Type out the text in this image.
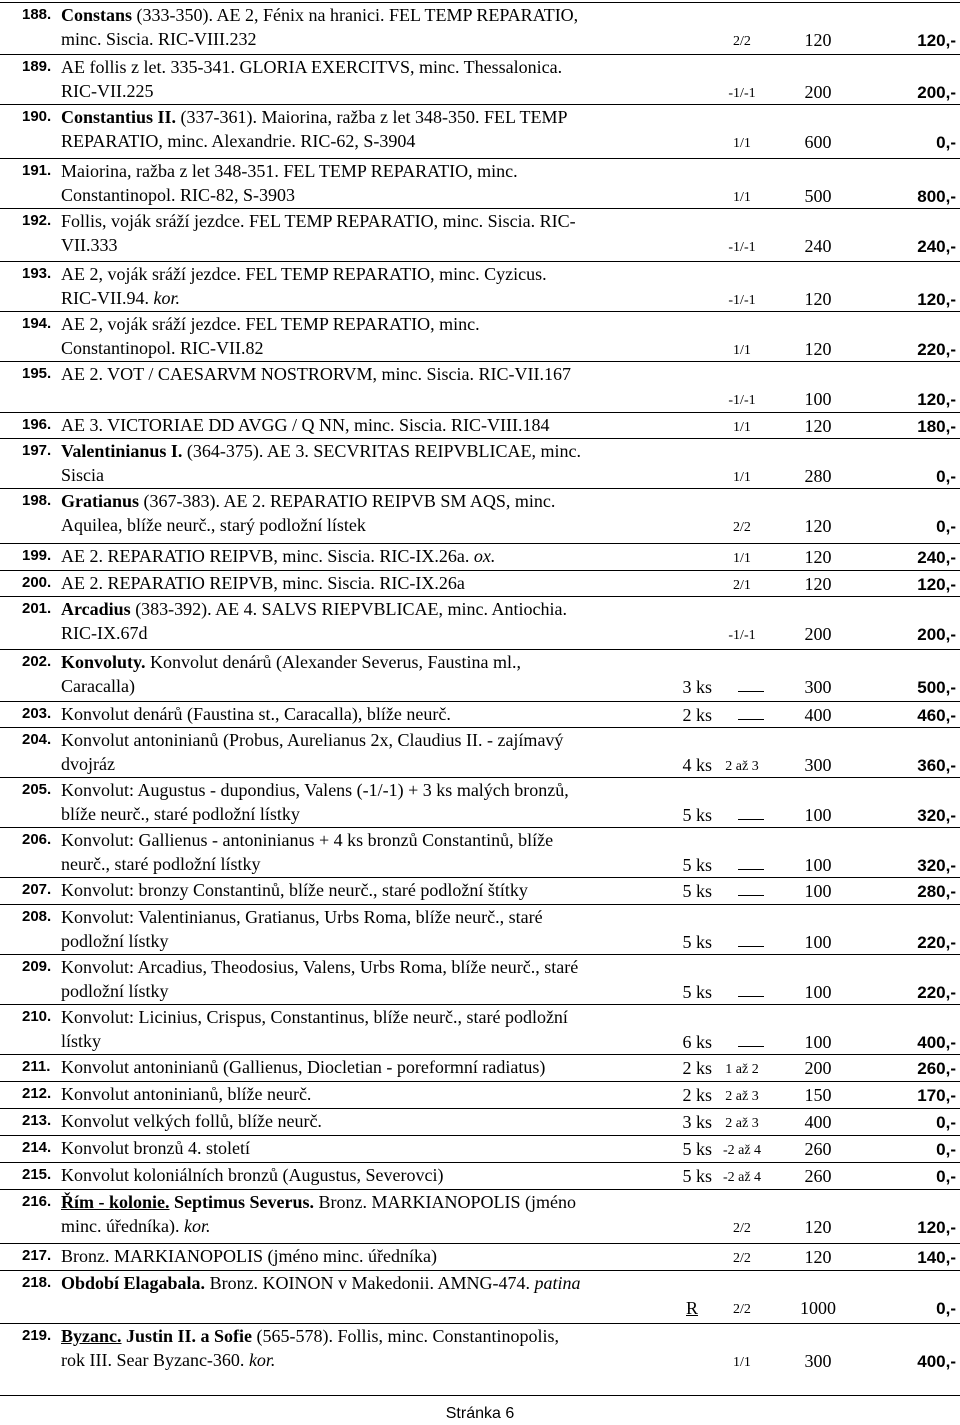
188. Constans (333-350). AE 2, Fénix na hranici. FEL TEMP REPARATIO,
minc. Siscia. RIC-VIII.232	2/2	120	120,-
189. AE follis z let. 335-341. GLORIA EXERCITVS, minc. Thessalonica.
RIC-VII.225	-1/-1	200	200,-
190. Constantius II. (337-361). Maiorina, ražba z let 348-350. FEL TEMP
REPARATIO, minc. Alexandrie. RIC-62, S-3904	1/1	600	0,-
191. Maiorina, ražba z let 348-351. FEL TEMP REPARATIO, minc.
Constantinopol. RIC-82, S-3903	1/1	500	800,-
192. Follis, voják sráží jezdce. FEL TEMP REPARATIO, minc. Siscia. RIC-
VII.333	-1/-1	240	240,-
193. AE 2, voják sráží jezdce. FEL TEMP REPARATIO, minc. Cyzicus.
RIC-VII.94. kor.	-1/-1	120	120,-
194. AE 2, voják sráží jezdce. FEL TEMP REPARATIO, minc.
Constantinopol. RIC-VII.82	1/1	120	220,-
195. AE 2. VOT / CAESARVM NOSTRORVM, minc. Siscia. RIC-VII.167

-1/-1	100	120,-
196. AE 3. VICTORIAE DD AVGG / Q NN, minc. Siscia. RIC-VIII.184	1/1	120	180,-
197. Valentinianus I. (364-375). AE 3. SECVRITAS REIPVBLICAE, minc.
Siscia	1/1	280	0,-
198. Gratianus (367-383). AE 2. REPARATIO REIPVB SM AQS, minc.
Aquilea, blíže neurč., starý podložní lístek	2/2	120	0,-
199. AE 2. REPARATIO REIPVB, minc. Siscia. RIC-IX.26a. ox.	1/1	120	240,-
200. AE 2. REPARATIO REIPVB, minc. Siscia. RIC-IX.26a	2/1	120	120,-
201. Arcadius (383-392). AE 4. SALVS RIEPVBLICAE, minc. Antiochia.
RIC-IX.67d	-1/-1	200	200,-
202. Konvoluty. Konvolut denárů (Alexander Severus, Faustina ml.,
Caracalla)	3 ks	300	500,-
203. Konvolut denárů (Faustina st., Caracalla), blíže neurč.	2 ks	400	460,-
204. Konvolut antoninianů (Probus, Aurelianus 2x, Claudius II. - zajímavý
dvojráz	4 ks 2 až 3	300	360,-
205. Konvolut: Augustus - dupondius, Valens (-1/-1) + 3 ks malých bronzů,
blíže neurč., staré podložní lístky	5 ks	100	320,-
206. Konvolut: Gallienus - antoninianus + 4 ks bronzů Constantinů, blíže
neurč., staré podložní lístky	5 ks	100	320,-
207. Konvolut: bronzy Constantinů, blíže neurč., staré podložní štítky	5 ks	100	280,-
208. Konvolut: Valentinianus, Gratianus, Urbs Roma, blíže neurč., staré
podložní lístky	5 ks	100	220,-
209. Konvolut: Arcadius, Theodosius, Valens, Urbs Roma, blíže neurč., staré
podložní lístky	5 ks	100	220,-
210. Konvolut: Licinius, Crispus, Constantinus, blíže neurč., staré podložní
lístky	6 ks	100	400,-
211. Konvolut antoninianů (Gallienus, Diocletian - poreformní radiatus)	2 ks 1 až 2	200	260,-
212. Konvolut antoninianů, blíže neurč.	2 ks 2 až 3	150	170,-
213. Konvolut velkých follů, blíže neurč.	3 ks 2 až 3	400	0,-
214. Konvolut bronzů 4. století	5 ks -2 až 4	260	0,-
215. Konvolut koloniálních bronzů (Augustus, Severovci)	5 ks -2 až 4	260	0,-
216. Řím - kolonie. Septimus Severus. Bronz. MARKIANOPOLIS (jméno
minc. úředníka). kor.	2/2	120	120,-
217. Bronz. MARKIANOPOLIS (jméno minc. úředníka)	2/2	120	140,-
218. Období Elagabala. Bronz. KOINON v Makedonii. AMNG-474. patina

R	2/2	1000	0,-
219. Byzanc. Justin II. a Sofie (565-578). Follis, minc. Constantinopolis,
rok III. Sear Byzanc-360. kor.	1/1	300	400,-
Stránka 6
